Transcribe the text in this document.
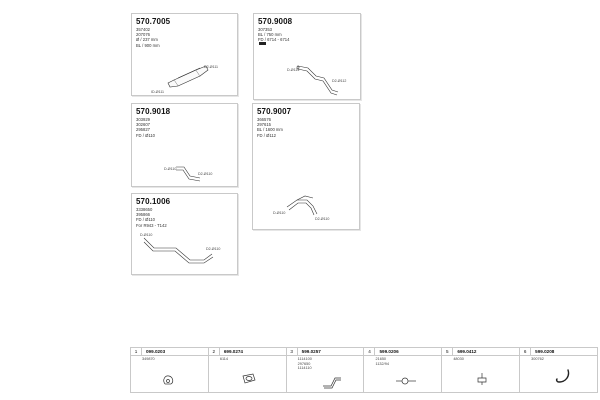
570.7005
357402
207076
Ø / 237 mm
BL / 900 mm
D2-Ø111
ID-Ø111
570.9008
307353
BL / 750 mm
FD / 6714 - 6714
D-Ø114
D2-Ø112
570.9018
303929
302607
295827
FD / Ø110
D-Ø110
D2-Ø110
570.9007
366576
297615
BL / 1600 mm
FD / Ø112
D-Ø110
D2-Ø110
570.1006
3338650
395866
FD / Ø110
For R943 - T142
D-Ø110
D2-Ø110
1	099.0203
349870
2	699.0274
6114
3	599.0257
1114100
297650
1114110
4	599.0206
21650
1132/94
5	699.0412
48030
6	599.0208
300762
